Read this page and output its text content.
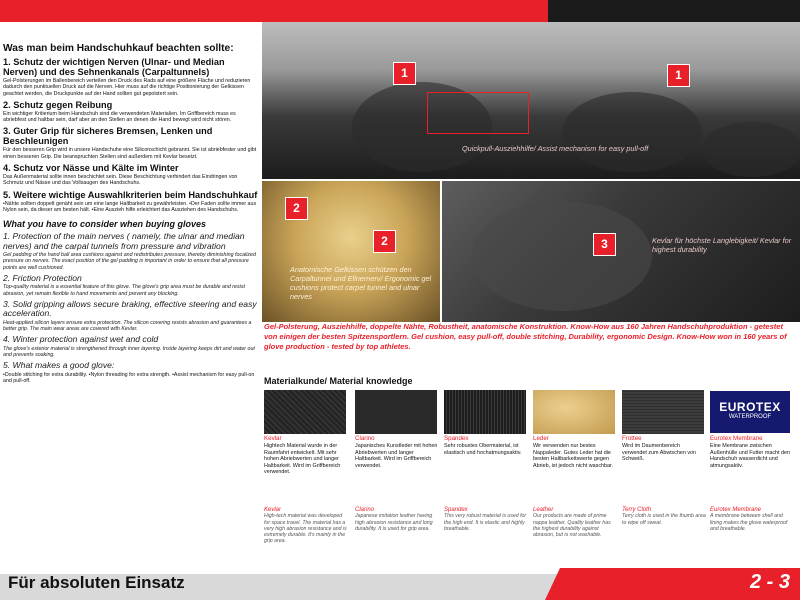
Was man beim Handschuhkauf beachten sollte:
1. Schutz der wichtigen Nerven (Ulnar- und Median Nerven) und des Sehnenkanals (Carpaltunnels)

Gel-Polsterungen im Ballenbereich verteilen den Druck des Rads auf eine größere Fläche und reduzieren dadurch den punktuellen Druck auf die Nerven. Hier muss auf die richtige Positionierung der Gelkissen geachtet werden, die Druckpunkte auf der Hand sollten gut gepolstert sein.

2. Schutz gegen Reibung

Ein wichtiger Kritierium beim Handschuh sind die verwendeten Materialien. Im Griffbereich muss es abriebfest und haltbar sein, darf aber an den Stellen an denen die Hand bewegt wird nicht stören.

3. Guter Grip für sicheres Bremsen, Lenken und Beschleunigen

Für den besseren Grip wird in unsere Handschuhe eine Siliconschicht gebrannt. Sie ist abriebfester und gibt einen besseren Grip. Die beanspruchten Stellen sind außerdem mit Kevlar besetzt.

4. Schutz vor Nässe und Kälte im Winter

Das Außenmaterial sollte innen beschichtet sein. Diese Beschichtung verhindert das Eindringen von Schmutz und Nässe und das Vollsaugen des Handschuhs.

5. Weitere wichtige Auswahlkriterien beim Handschuhkauf

•Nähte sollten doppelt genäht sein um eine lange Haltbarkeit zu gewährleisten. •Der Faden sollte immer aus Nylon sein, da dieser am besten hält. •Eine Auszieh hilfe erleichtert das Ausziehen des Handschuhs.

What you have to consider when buying gloves
1. Protection of the main nerves ( namely, the ulnar and median nerves) and the carpal tunnels from pressure and vibration

Gel padding of the hand ball area cushions against and redistributes pressure, thereby diminishing focalized pressure on nerves. The exact position of the gel padding is important in order to ensure that all pressure points are well cushioned.

2. Friction Protection

Top-quality material is a essential feature of this glove. The glove's grip area must be durable and resist abrasion, yet remain flexible to hand movements and prevent any blocking.

3. Solid gripping allows secure braking, effective steering and easy acceleration.

Heat-applied silicon layers ensure extra protection. The silicon covering resists abrasion and guarantees a better grip. The main wear areas are covered with Kevlar.

4. Winter protection against wet and cold

The glove's exterior material is strengthened through inner layering. Inside layering keeps dirt and water out and prevents soaking.

5. What makes a good glove:

•Double stitching for extra durability. •Nylon threading for extra strength. •Assist mechanism for easy pull-on and pull-off.

1	1
Quickpull-Ausziehhilfe/ Assist mechanism for easy pull-off
2
2
Anatomische Gelkissen schützen den Carpaltunnel und Ellnernerv/ Ergonomic gel cushions protect carpel tunnel and ulnar nerves
3	Kevlar für höchste Langlebigkeit/ Kevlar for highest durability
Gel-Polsterung, Ausziehhilfe, doppelte Nähte, Robustheit, anatomische Konstruktion. Know-How aus 160 Jahren Handschuhproduktion - getestet von einigen der besten Spitzensportlern. Gel cushion, easy pull-off, double stitching, Durability, ergonomic Design. Know-How won in 160 years of glove production - tested by top athletes.
Materialkunde/ Material knowledge
EUROTEX
WATERPROOF
Kevlar
Hightech Material wurde in der Raumfahrt entwickelt. Mit sehr hohen Abriebwerten und langer Haltbarkeit. Wird im Griffbereich verwendet.
Clarino
Japanisches Kunstleder mit hohen Abriebwerten und langer Haltbarkeit. Wird im Griffbereich verwendet.
Spandex
Sehr robustes Obermaterial, ist elastisch und hochatmungsaktiv.
Leder
Wir verwenden nur bestes Nappaleder. Gutes Leder hat die besten Haltbarkeitswerte gegen Abrieb, ist jedoch nicht waschbar.
Frottee
Wird im Daumenbereich verwendet zum Abwischen von Schweiß.
Eurotex Membrane
Eine Membrane zwischen Außenhülle und Futter macht den Handschuh wasserdicht und atmungsaktiv.
Kevlar
High-tech material was developed for space travel. The material has a very high abrasion resistance and is extremely durable. It's mainly in the grip area.
Clarino
Japanese imitation leather having high abrasion resistance and long durability. It is used for grip area.
Spandex
This very robust material is used for the high end. It is elastic and highly breathable.
Leather
Our products are made of prime nappa leather. Quality leather has the highest durability against abrasion, but is not washable.
Terry Cloth
Terry cloth is used in the thumb area to wipe off sweat.
Eurotex Membrane
A membrane between shell and lining makes the glove waterproof and breathable.
Für absoluten Einsatz	2 - 3
